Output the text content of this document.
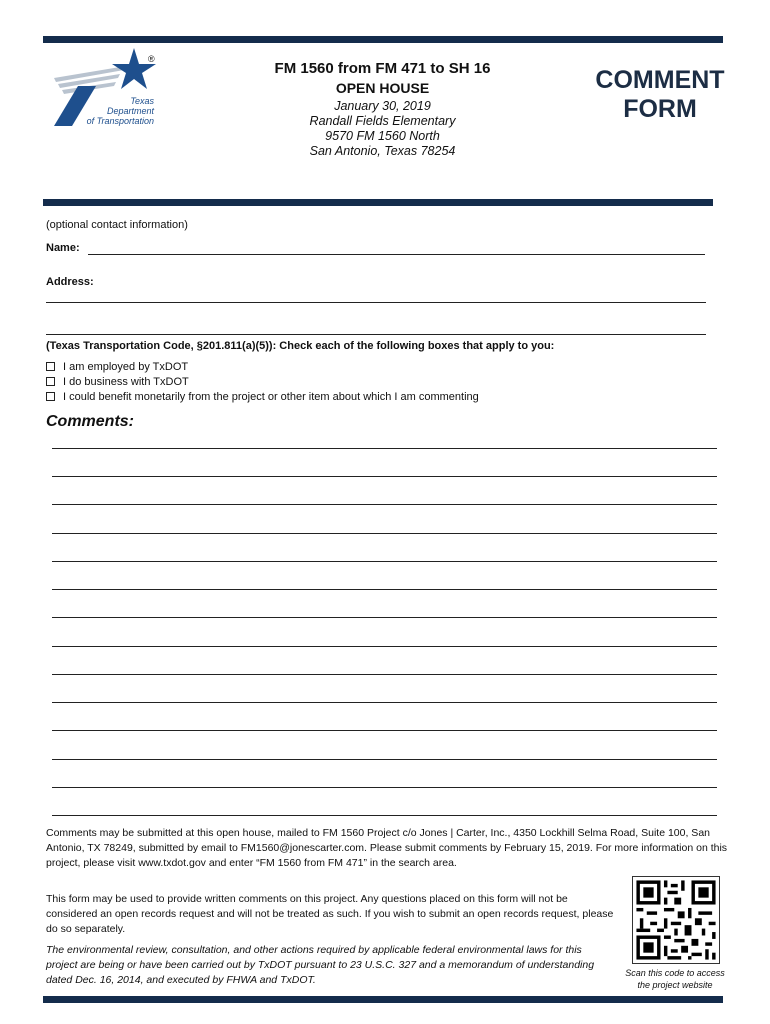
®
Texas
Department
of Transportation
FM 1560 from FM 471 to SH 16
OPEN HOUSE
January 30, 2019
Randall Fields Elementary
9570 FM 1560 North
San Antonio, Texas 78254
COMMENT
FORM
(optional contact information)
Name:
Address:
(Texas Transportation Code, §201.811(a)(5)): Check each of the following boxes that apply to you:
I am employed by TxDOT
I do business with TxDOT
I could benefit monetarily from the project or other item about which I am commenting
Comments:
Comments may be submitted at this open house, mailed to FM 1560 Project c/o Jones | Carter, Inc., 4350 Lockhill Selma Road, Suite 100, San Antonio, TX 78249, submitted by email to FM1560@jonescarter.com. Please submit comments by February 15, 2019. For more information on this project, please visit www.txdot.gov and enter “FM 1560 from FM 471” in the search area.
This form may be used to provide written comments on this project. Any questions placed on this form will not be considered an open records request and will not be treated as such. If you wish to submit an open records request, please do so separately.
The environmental review, consultation, and other actions required by applicable federal environmental laws for this project are being or have been carried out by TxDOT pursuant to 23 U.S.C. 327 and a memorandum of understanding dated Dec. 16, 2014, and executed by FHWA and TxDOT.
Scan this code to access
the project website
